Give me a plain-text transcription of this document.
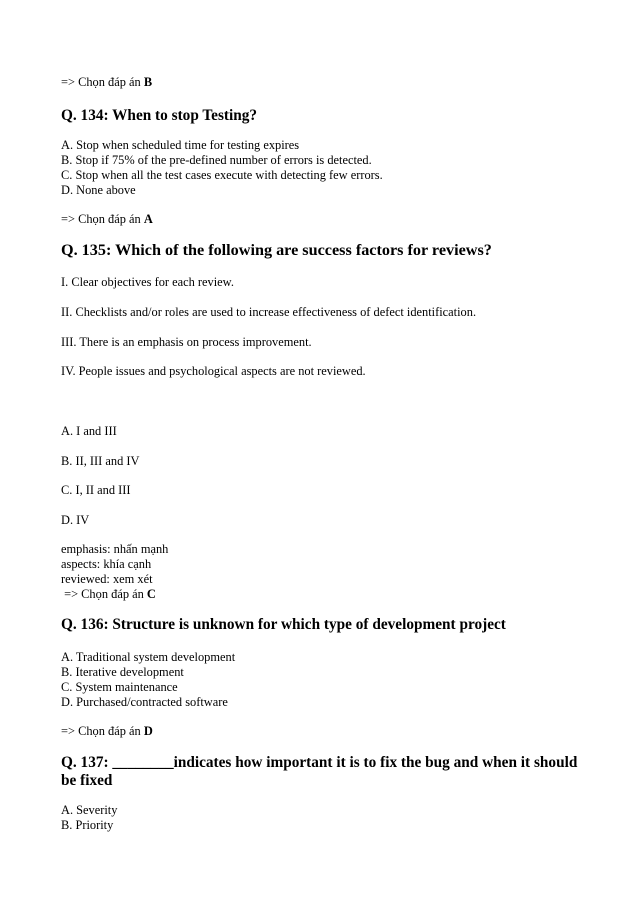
=> Chọn đáp án B
Q. 134: When to stop Testing?
A. Stop when scheduled time for testing expires
B. Stop if 75% of the pre-defined number of errors is detected.
C. Stop when all the test cases execute with detecting few errors.
D. None above
=> Chọn đáp án A
Q. 135: Which of the following are success factors for reviews?
I. Clear objectives for each review.
II. Checklists and/or roles are used to increase effectiveness of defect identification.
III. There is an emphasis on process improvement.
IV. People issues and psychological aspects are not reviewed.
A. I and III
B. II, III and IV
C. I, II and III
D. IV
emphasis: nhấn mạnh
aspects: khía cạnh
reviewed: xem xét
=> Chọn đáp án C
Q. 136: Structure is unknown for which type of development project
A. Traditional system development
B. Iterative development
C. System maintenance
D. Purchased/contracted software
=> Chọn đáp án D
Q. 137: ________indicates how important it is to fix the bug and when it should be fixed
A. Severity
B. Priority
